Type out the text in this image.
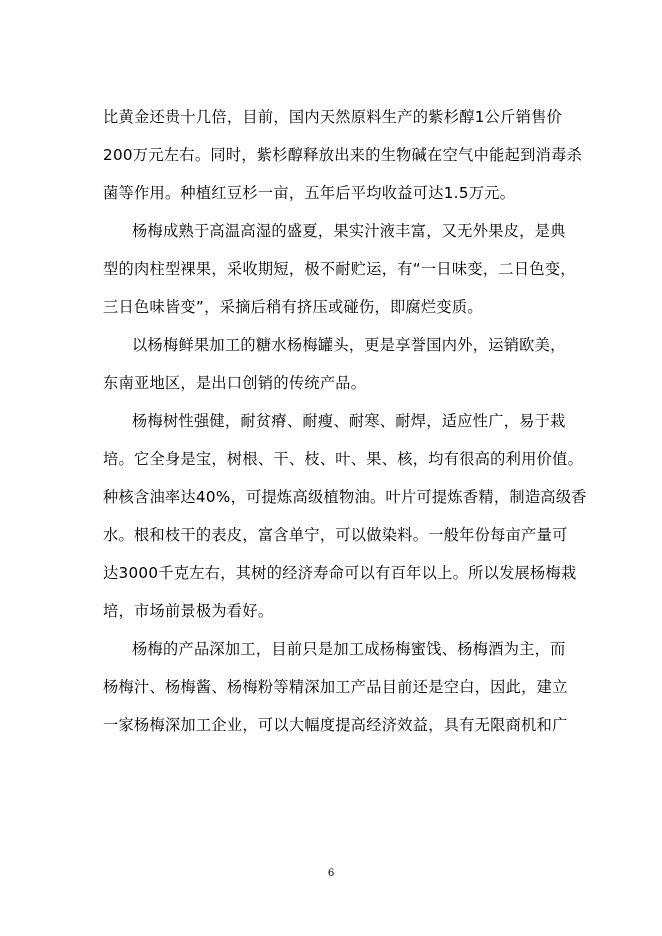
比黄金还贵十几倍，目前，国内天然原料生产的紫杉醇1公斤销售价
200万元左右。同时，紫杉醇释放出来的生物碱在空气中能起到消毒杀
菌等作用。种植红豆杉一亩，五年后平均收益可达1.5万元。
杨梅成熟于高温高湿的盛夏，果实汁液丰富，又无外果皮，是典
型的肉柱型裸果，采收期短，极不耐贮运，有“一日味变，二日色变，
三日色味皆变”，采摘后稍有挤压或碰伤，即腐烂变质。
以杨梅鲜果加工的糖水杨梅罐头，更是享誉国内外，运销欧美，
东南亚地区，是出口创销的传统产品。
杨梅树性强健，耐贫瘠、耐瘦、耐寒、耐焊，适应性广，易于栽
培。它全身是宝，树根、干、枝、叶、果、核，均有很高的利用价值。
种核含油率达40%，可提炼高级植物油。叶片可提炼香精，制造高级香
水。根和枝干的表皮，富含单宁，可以做染料。一般年份每亩产量可
达3000千克左右，其树的经济寿命可以有百年以上。所以发展杨梅栽
培，市场前景极为看好。
杨梅的产品深加工，目前只是加工成杨梅蜜饯、杨梅酒为主，而
杨梅汁、杨梅酱、杨梅粉等精深加工产品目前还是空白，因此，建立
一家杨梅深加工企业，可以大幅度提高经济效益，具有无限商机和广
6
